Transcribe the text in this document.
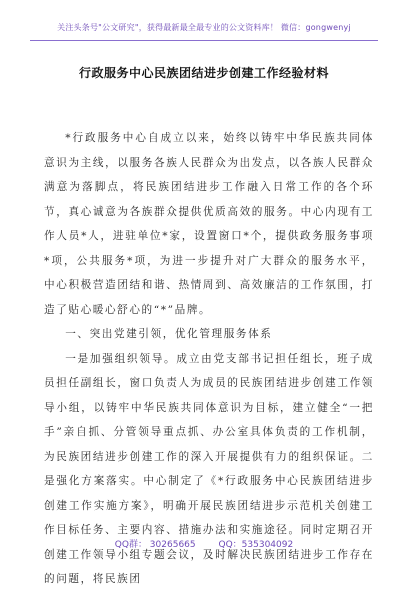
关注头条号"公文研究"，获得最新最全最专业的公文资料库！ 微信：gongwenyj
行政服务中心民族团结进步创建工作经验材料

*行政服务中心自成立以来，始终以铸牢中华民族共同体意识为主线，以服务各族人民群众为出发点，以各族人民群众满意为落脚点，将民族团结进步工作融入日常工作的各个环节，真心诚意为各族群众提供优质高效的服务。中心内现有工作人员*人，进驻单位*家，设置窗口*个，提供政务服务事项*项，公共服务*项，为进一步提升对广大群众的服务水平，中心积极营造团结和谐、热情周到、高效廉洁的工作氛围，打造了贴心暖心舒心的“*”品牌。

一、突出党建引领，优化管理服务体系

一是加强组织领导。成立由党支部书记担任组长，班子成员担任副组长，窗口负责人为成员的民族团结进步创建工作领导小组，以铸牢中华民族共同体意识为目标，建立健全“一把手”亲自抓、分管领导重点抓、办公室具体负责的工作机制，为民族团结进步创建工作的深入开展提供有力的组织保证。二是强化方案落实。中心制定了《*行政服务中心民族团结进步创建工作实施方案》，明确开展民族团结进步示范机关创建工作目标任务、主要内容、措施办法和实施途径。同时定期召开创建工作领导小组专题会议，及时解决民族团结进步工作存在的问题，将民族团

QQ群： 30265665	QQ：535304092
